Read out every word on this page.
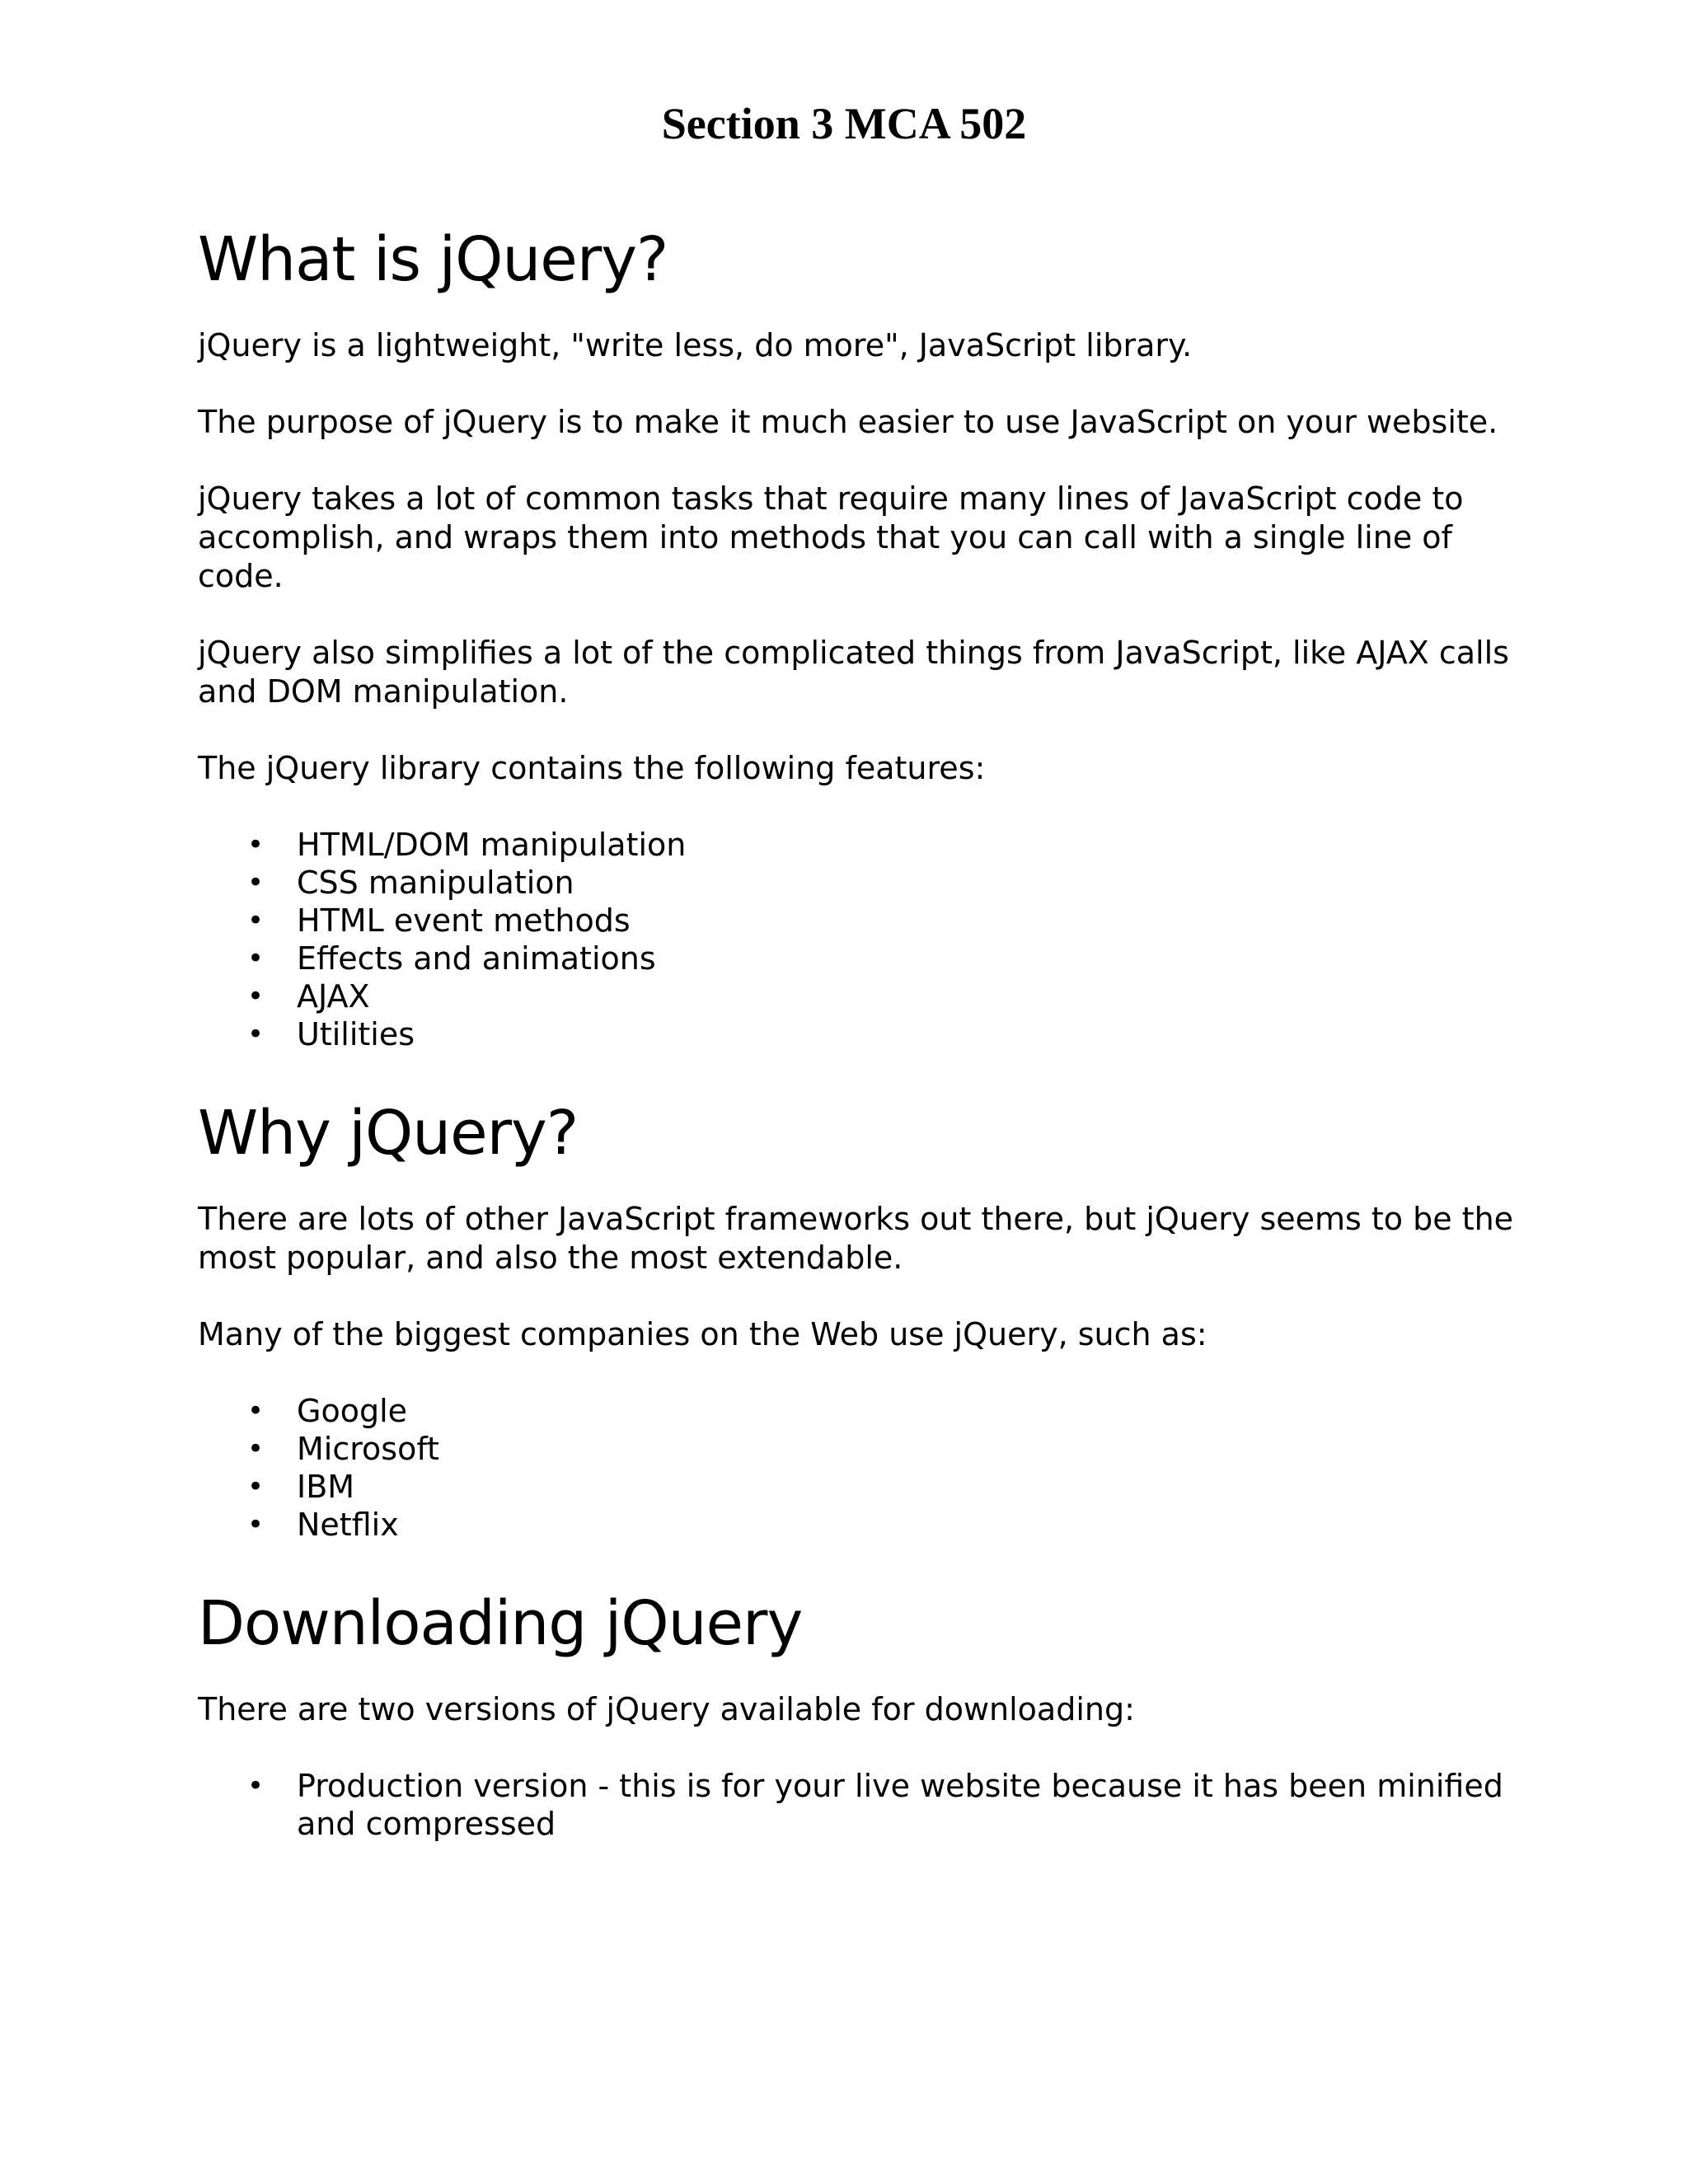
Section 3 MCA 502
What is jQuery?

jQuery is a lightweight, "write less, do more", JavaScript library.

The purpose of jQuery is to make it much easier to use JavaScript on your website.

jQuery takes a lot of common tasks that require many lines of JavaScript code to accomplish, and wraps them into methods that you can call with a single line of code.

jQuery also simplifies a lot of the complicated things from JavaScript, like AJAX calls and DOM manipulation.

The jQuery library contains the following features:

• HTML/DOM manipulation
• CSS manipulation
• HTML event methods
• Effects and animations
• AJAX
• Utilities
Why jQuery?

There are lots of other JavaScript frameworks out there, but jQuery seems to be the most popular, and also the most extendable.

Many of the biggest companies on the Web use jQuery, such as:

• Google
• Microsoft
• IBM
• Netflix
Downloading jQuery

There are two versions of jQuery available for downloading:

• Production version - this is for your live website because it has been minified and compressed
